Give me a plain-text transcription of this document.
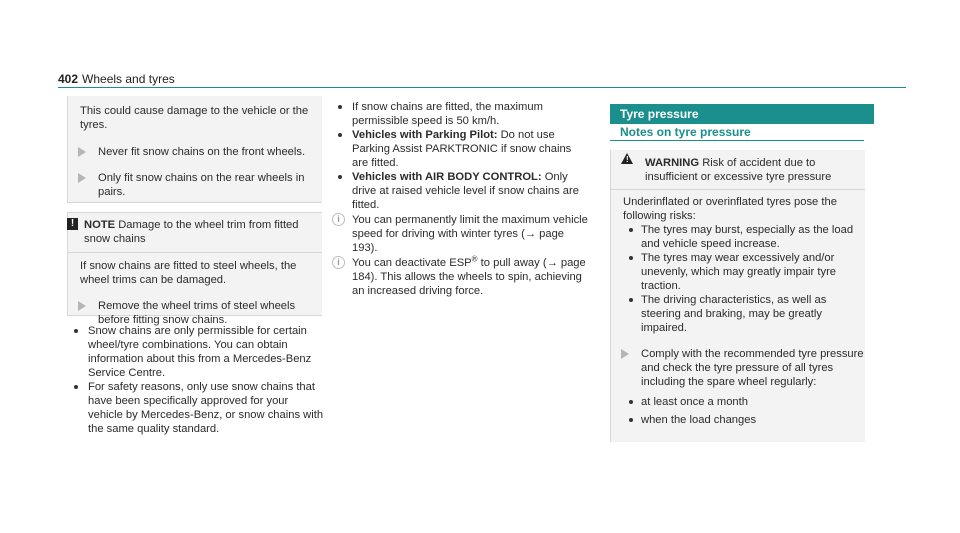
402 Wheels and tyres

This could cause damage to the vehicle or the tyres.

Never fit snow chains on the front wheels.
Only fit snow chains on the rear wheels in pairs.
! NOTE Damage to the wheel trim from fitted snow chains

If snow chains are fitted to steel wheels, the wheel trims can be damaged.

Remove the wheel trims of steel wheels before fitting snow chains.
Snow chains are only permissible for certain wheel/tyre combinations. You can obtain information about this from a Mercedes-Benz Service Centre.
For safety reasons, only use snow chains that have been specifically approved for your vehicle by Mercedes-Benz, or snow chains with the same quality standard.
If snow chains are fitted, the maximum permissible speed is 50 km/h.
Vehicles with Parking Pilot: Do not use Parking Assist PARKTRONIC if snow chains are fitted.
Vehicles with AIR BODY CONTROL: Only drive at raised vehicle level if snow chains are fitted.
i	You can permanently limit the maximum vehicle speed for driving with winter tyres (→ page 193).
i	You can deactivate ESP® to pull away (→ page 184). This allows the wheels to spin, achieving an increased driving force.
Tyre pressure
Notes on tyre pressure
! WARNING Risk of accident due to insufficient or excessive tyre pressure

Underinflated or overinflated tyres pose the following risks:

The tyres may burst, especially as the load and vehicle speed increase.
The tyres may wear excessively and/or unevenly, which may greatly impair tyre traction.
The driving characteristics, as well as steering and braking, may be greatly impaired.
Comply with the recommended tyre pressure and check the tyre pressure of all tyres including the spare wheel regularly:
at least once a month
when the load changes
